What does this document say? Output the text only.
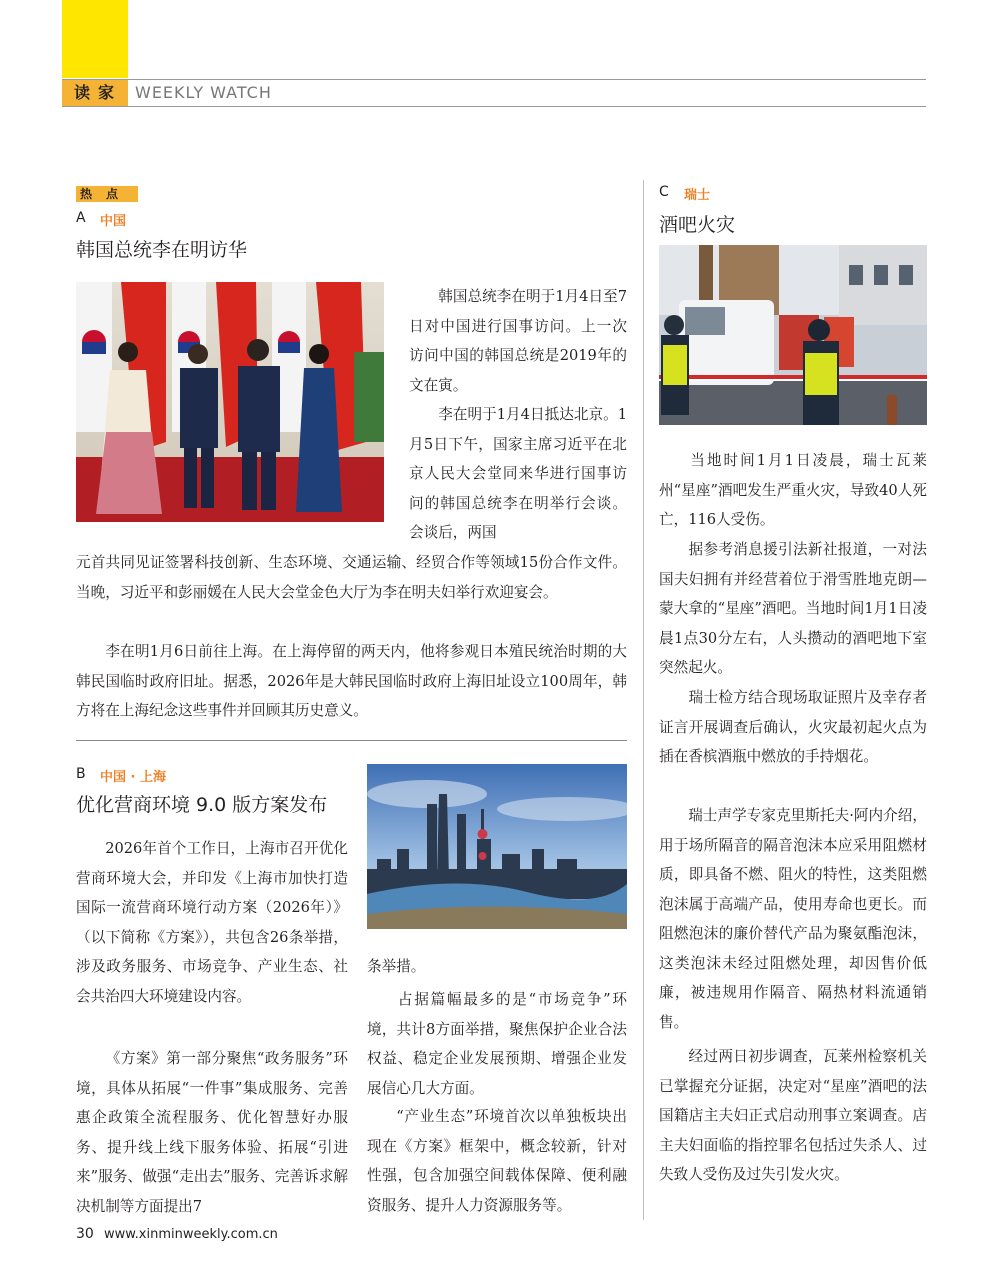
读家 WEEKLY WATCH
热点
A 中国
韩国总统李在明访华

韩国总统李在明于1月4日至7日对中国进行国事访问。上一次访问中国的韩国总统是2019年的文在寅。

李在明于1月4日抵达北京。1月5日下午，国家主席习近平在北京人民大会堂同来华进行国事访问的韩国总统李在明举行会谈。会谈后，两国

元首共同见证签署科技创新、生态环境、交通运输、经贸合作等领域15份合作文件。当晚，习近平和彭丽媛在人民大会堂金色大厅为李在明夫妇举行欢迎宴会。

李在明1月6日前往上海。在上海停留的两天内，他将参观日本殖民统治时期的大韩民国临时政府旧址。据悉，2026年是大韩民国临时政府上海旧址设立100周年，韩方将在上海纪念这些事件并回顾其历史意义。

B 中国 · 上海
优化营商环境 9.0 版方案发布

2026年首个工作日，上海市召开优化营商环境大会，并印发《上海市加快打造国际一流营商环境行动方案（2026年）》（以下简称《方案》），共包含26条举措，涉及政务服务、市场竞争、产业生态、社会共治四大环境建设内容。

《方案》第一部分聚焦“政务服务”环境，具体从拓展“一件事”集成服务、完善惠企政策全流程服务、优化智慧好办服务、提升线上线下服务体验、拓展“引进来”服务、做强“走出去”服务、完善诉求解决机制等方面提出7

条举措。

占据篇幅最多的是“市场竞争”环境，共计8方面举措，聚焦保护企业合法权益、稳定企业发展预期、增强企业发展信心几大方面。

“产业生态”环境首次以单独板块出现在《方案》框架中，概念较新，针对性强，包含加强空间载体保障、便利融资服务、提升人力资源服务等。

C 瑞士
酒吧火灾

当地时间1月1日凌晨，瑞士瓦莱州“星座”酒吧发生严重火灾，导致40人死亡，116人受伤。

据参考消息援引法新社报道，一对法国夫妇拥有并经营着位于滑雪胜地克朗—蒙大拿的“星座”酒吧。当地时间1月1日凌晨1点30分左右，人头攒动的酒吧地下室突然起火。

瑞士检方结合现场取证照片及幸存者证言开展调查后确认，火灾最初起火点为插在香槟酒瓶中燃放的手持烟花。

瑞士声学专家克里斯托夫·阿内介绍，用于场所隔音的隔音泡沫本应采用阻燃材质，即具备不燃、阻火的特性，这类阻燃泡沫属于高端产品，使用寿命也更长。而阻燃泡沫的廉价替代产品为聚氨酯泡沫，这类泡沫未经过阻燃处理，却因售价低廉，被违规用作隔音、隔热材料流通销售。

经过两日初步调查，瓦莱州检察机关已掌握充分证据，决定对“星座”酒吧的法国籍店主夫妇正式启动刑事立案调查。店主夫妇面临的指控罪名包括过失杀人、过失致人受伤及过失引发火灾。

30 www.xinminweekly.com.cn
